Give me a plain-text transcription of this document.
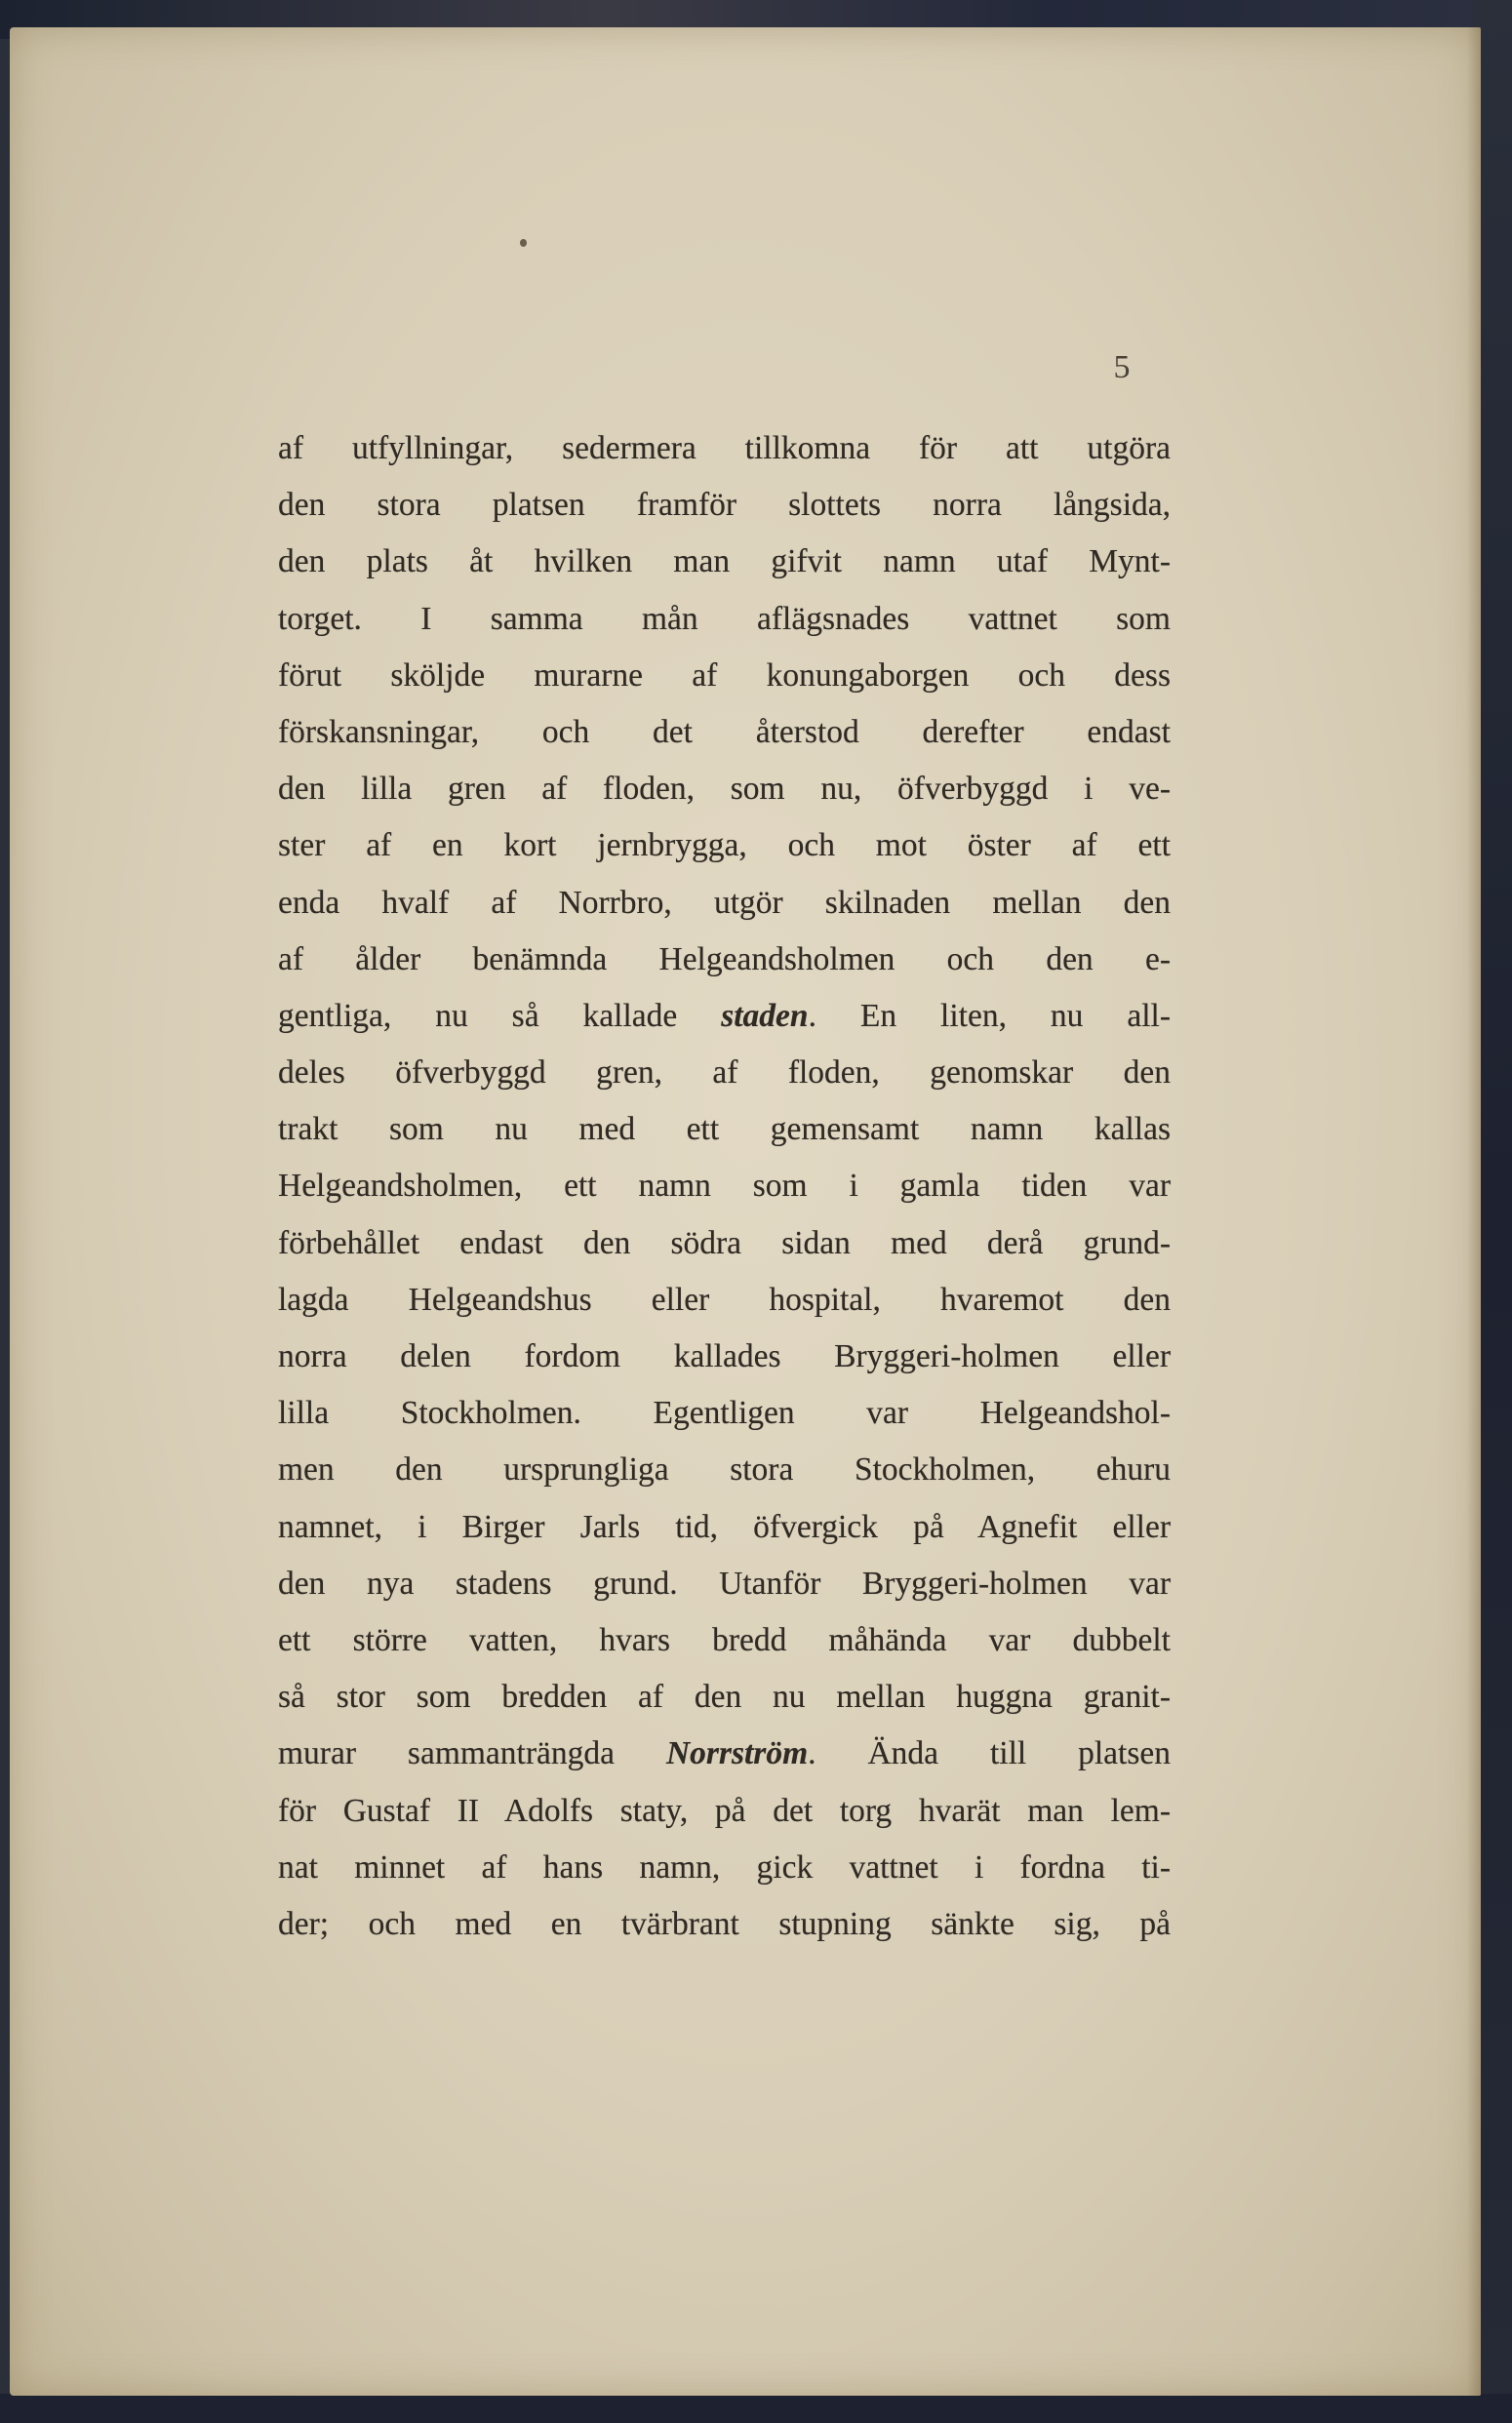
5
af utfyllningar, sedermera tillkomna för att utgöra
den stora platsen framför slottets norra långsida,
den plats åt hvilken man gifvit namn utaf Mynt-
torget. I samma mån aflägsnades vattnet som
förut sköljde murarne af konungaborgen och dess
förskansningar, och det återstod derefter endast
den lilla gren af floden, som nu, öfverbyggd i ve-
ster af en kort jernbrygga, och mot öster af ett
enda hvalf af Norrbro, utgör skilnaden mellan den
af ålder benämnda Helgeandsholmen och den e-
gentliga, nu så kallade staden. En liten, nu all-
deles öfverbyggd gren, af floden, genomskar den
trakt som nu med ett gemensamt namn kallas
Helgeandsholmen, ett namn som i gamla tiden var
förbehållet endast den södra sidan med derå grund-
lagda Helgeandshus eller hospital, hvaremot den
norra delen fordom kallades Bryggeri-holmen eller
lilla Stockholmen. Egentligen var Helgeandshol-
men den ursprungliga stora Stockholmen, ehuru
namnet, i Birger Jarls tid, öfvergick på Agnefit eller
den nya stadens grund. Utanför Bryggeri-holmen var
ett större vatten, hvars bredd måhända var dubbelt
så stor som bredden af den nu mellan huggna granit-
murar sammanträngda Norrström. Ända till platsen
för Gustaf II Adolfs staty, på det torg hvarät man lem-
nat minnet af hans namn, gick vattnet i fordna ti-
der; och med en tvärbrant stupning sänkte sig, på
